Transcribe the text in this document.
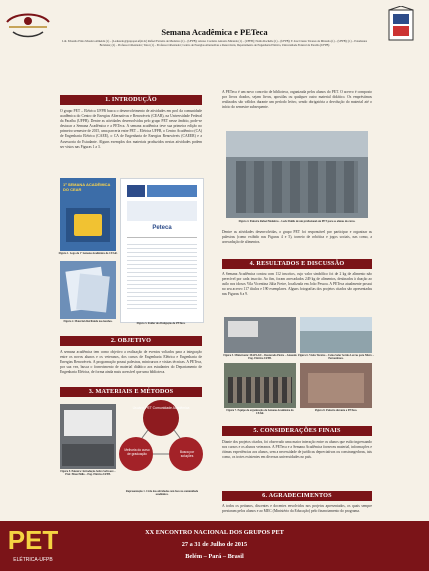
Semana Acadêmica e PETeca
L.R. Eduardo Pinto Moreira Almeida (1) – (Leduardo@grupopet.ufpb.br) Rafael Ferreira de Medeiros (1) – (UFPB); Alonso Cordeiro Antonio Miranda (1) – (UFPB); Nadia Rochelle (1) – (UFPB); E José Cássio Tavares de Miranda (1) – (UFPB); (1) – Estudantes Bolsistas; (2) – Professor Orientador; Tutor (1) – Professor Orientador; Centro de Energias Alternativas e Renováveis, Departamento de Engenharia Elétrica, Universidade Federal da Paraíba (UFPB)
1. INTRODUÇÃO
O grupo PET – Elétrica UFPB busca o desenvolvimento de atividades em prol da comunidade acadêmica do Centro de Energias Alternativas e Renováveis (CEAR), na Universidade Federal da Paraíba (UFPB). Dentre as atividades desenvolvidas pelo grupo PET nesse âmbito, pode-se destacar a Semana Acadêmica e a PETeca. A semana acadêmica teve sua primeira edição no primeiro semestre de 2015, uma parceria entre PET – Elétrica UFPB, o Centro Acadêmico (CA) de Engenharia Elétrica (CAEE), o CA de Engenharia de Energias Renováveis (CAEER) e a Assessoria do Estudante. Alguns exemplos dos materiais produzidos nestas atividades podem ser vistos nas Figuras 1 a 3.
1ª SEMANA ACADÊMICA DO CEAR
Figura 1. Logo da 1ª Semana Acadêmica do CEAR.
Figura 2. Material distribuído nos lanches.
Peteca
Figura 3. Folder de divulgação da PETeca.
2. OBJETIVO
A semana acadêmica tem como objetivo a realização de eventos voltados para a integração entre os novos alunos e os veteranos, dos cursos de Engenharia Elétrica e Engenharia de Energias Renováveis. A programação possui palestras, minicursos e visitas técnicas. A PETeca, por sua vez, busca o fornecimento de material didático aos estudantes do Departamento de Engenharia Elétrica, de forma ainda mais acessível que uma biblioteca.
3. MATERIAIS E MÉTODOS
Figura 9. Palestra: Introdução Sobre Software – Prof. Elton Hélio – Eng. Elétrica UFPB.
Usuário PET Comunidade Acadêmica
Melhoria do curso de graduação	Busca por soluções
Representação 1. Ciclo das atividades com foco na comunidade acadêmica.
A PETeca é um novo conceito de biblioteca, organizada pelos alunos do PET. O acervo é composto por livros doados, sejam livros, apostilas ou qualquer outro material didático. Os empréstimos realizados são válidos durante um período letivo, sendo obrigatória a devolução do material até o início do semestre subsequente.
Figura 4. Palestra Rafael Medeiros – Leds Fidelis de um profissional em PET para os alunos do curso.
Dentre as atividades desenvolvidas, o grupo PET foi responsável por participar e organizar as palestras (como exibido nas Figuras 4 e 5), torneio de robótica e jogos sociais, nas como, a arrecadação de alimentos.
4. RESULTADOS E DISCUSSÃO
A Semana Acadêmica contou com 112 inscritos, cujo valor simbólico foi de 2 kg de alimento não perecível por cada inscrito. Ao fim, foram arrecadados 249 kg de alimentos, destinados à doação ao asilo nos idosos Vila Vicentina Júlia Freire, localizada em João Pessoa. A PETeca atualmente possui no seu acervo 117 títulos e 190 exemplares. Alguns fotografias dos projetos citados são apresentadas nas Figuras 6 a 9.
Figura 5. Ministrante: MAPLAD – Doutorado Pietro – Atuando Eng. Elétrica UFPB.
Figura 6. Visita Técnica – Usina Solar Sertão Lavras para Micro – Pernambuco.
Figura 7. Equipe de organização da Semana Acadêmica do CEAR.
Figura 8. Palestra durante a PETeca.
5. CONSIDERAÇÕES FINAIS
Diante dos projetos citados, foi observado uma maior interação entre os alunos que estão ingressando nos cursos e os alunos veteranos. A PETeca e a Semana Acadêmica forneceu material, informações e ótimas experiências aos alunos, sem a necessidade de jurídicas depreciativas ou constrangedoras, tais como, os trotes existentes em diversas universidades no país.
6. AGRADECIMENTOS
A todos os petianos, discentes e docentes envolvidos nos projetos apresentados, os quais sempre prestaram pelos alunos e ao MEC (Ministério da Educação) pelo financiamento do programa.
PET
ELÉTRICA-UFPB
XX ENCONTRO NACIONAL DOS GRUPOS PET
27 a 31 de Julho de 2015
Belém – Pará – Brasil
